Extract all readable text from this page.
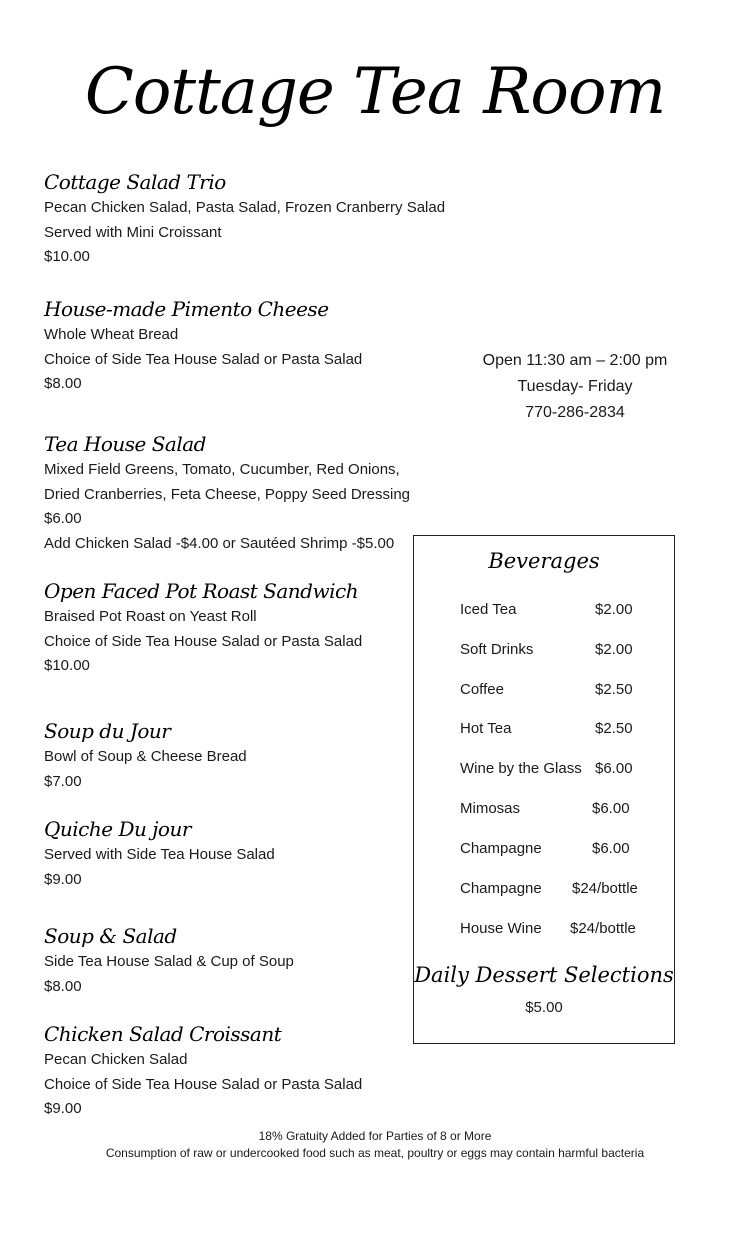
Cottage Tea Room
Cottage Salad Trio
Pecan Chicken Salad, Pasta Salad, Frozen Cranberry Salad
Served with Mini Croissant
$10.00
House-made Pimento Cheese
Whole Wheat Bread
Choice of Side Tea House Salad or Pasta Salad
$8.00
Tea House Salad
Mixed Field Greens, Tomato, Cucumber, Red Onions,
Dried Cranberries, Feta Cheese, Poppy Seed Dressing
$6.00
Add Chicken Salad -$4.00 or Sautéed Shrimp -$5.00
Open Faced Pot Roast Sandwich
Braised Pot Roast on Yeast Roll
Choice of Side Tea House Salad or Pasta Salad
$10.00
Soup du Jour
Bowl of Soup & Cheese Bread
$7.00
Quiche Du jour
Served with Side Tea House Salad
$9.00
Soup & Salad
Side Tea House Salad & Cup of Soup
$8.00
Chicken Salad Croissant
Pecan Chicken Salad
Choice of Side Tea House Salad or Pasta Salad
$9.00
Open 11:30 am – 2:00 pm
Tuesday- Friday
770-286-2834
Beverages
Iced Tea	$2.00
Soft Drinks	$2.00
Coffee	$2.50
Hot Tea	$2.50
Wine by the Glass $6.00
Mimosas	$6.00
Champagne	$6.00
Champagne $24/bottle
House Wine $24/bottle
Daily Dessert Selections
$5.00
18% Gratuity Added for Parties of 8 or More
Consumption of raw or undercooked food such as meat, poultry or eggs may contain harmful bacteria
